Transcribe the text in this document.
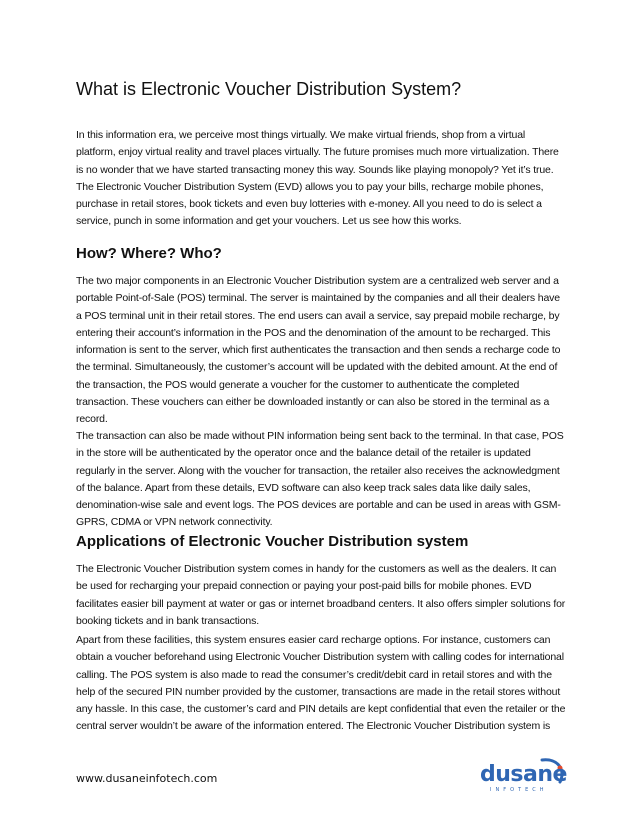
What is Electronic Voucher Distribution System?

In this information era, we perceive most things virtually. We make virtual friends, shop from a virtual platform, enjoy virtual reality and travel places virtually. The future promises much more virtualization. There is no wonder that we have started transacting money this way. Sounds like playing monopoly? Yet it’s true. The Electronic Voucher Distribution System (EVD) allows you to pay your bills, recharge mobile phones, purchase in retail stores, book tickets and even buy lotteries with e-money. All you need to do is select a service, punch in some information and get your vouchers. Let us see how this works.

How? Where? Who?

The two major components in an Electronic Voucher Distribution system are a centralized web server and a portable Point-of-Sale (POS) terminal. The server is maintained by the companies and all their dealers have a POS terminal unit in their retail stores. The end users can avail a service, say prepaid mobile recharge, by entering their account’s information in the POS and the denomination of the amount to be recharged. This information is sent to the server, which first authenticates the transaction and then sends a recharge code to the terminal. Simultaneously, the customer’s account will be updated with the debited amount. At the end of the transaction, the POS would generate a voucher for the customer to authenticate the completed transaction. These vouchers can either be downloaded instantly or can also be stored in the terminal as a record.

The transaction can also be made without PIN information being sent back to the terminal. In that case, POS in the store will be authenticated by the operator once and the balance detail of the retailer is updated regularly in the server. Along with the voucher for transaction, the retailer also receives the acknowledgment of the balance. Apart from these details, EVD software can also keep track sales data like daily sales, denomination-wise sale and event logs. The POS devices are portable and can be used in areas with GSM-GPRS, CDMA or VPN network connectivity.

Applications of Electronic Voucher Distribution system

The Electronic Voucher Distribution system comes in handy for the customers as well as the dealers. It can be used for recharging your prepaid connection or paying your post-paid bills for mobile phones. EVD facilitates easier bill payment at water or gas or internet broadband centers. It also offers simpler solutions for booking tickets and in bank transactions.

Apart from these facilities, this system ensures easier card recharge options. For instance, customers can obtain a voucher beforehand using Electronic Voucher Distribution system with calling codes for international calling. The POS system is also made to read the consumer’s credit/debit card in retail stores and with the help of the secured PIN number provided by the customer, transactions are made in the retail stores without any hassle. In this case, the customer’s card and PIN details are kept confidential that even the retailer or the central server wouldn’t be aware of the information entered. The Electronic Voucher Distribution system is

www.dusaneinfotech.com	dusane
INFOTECH
